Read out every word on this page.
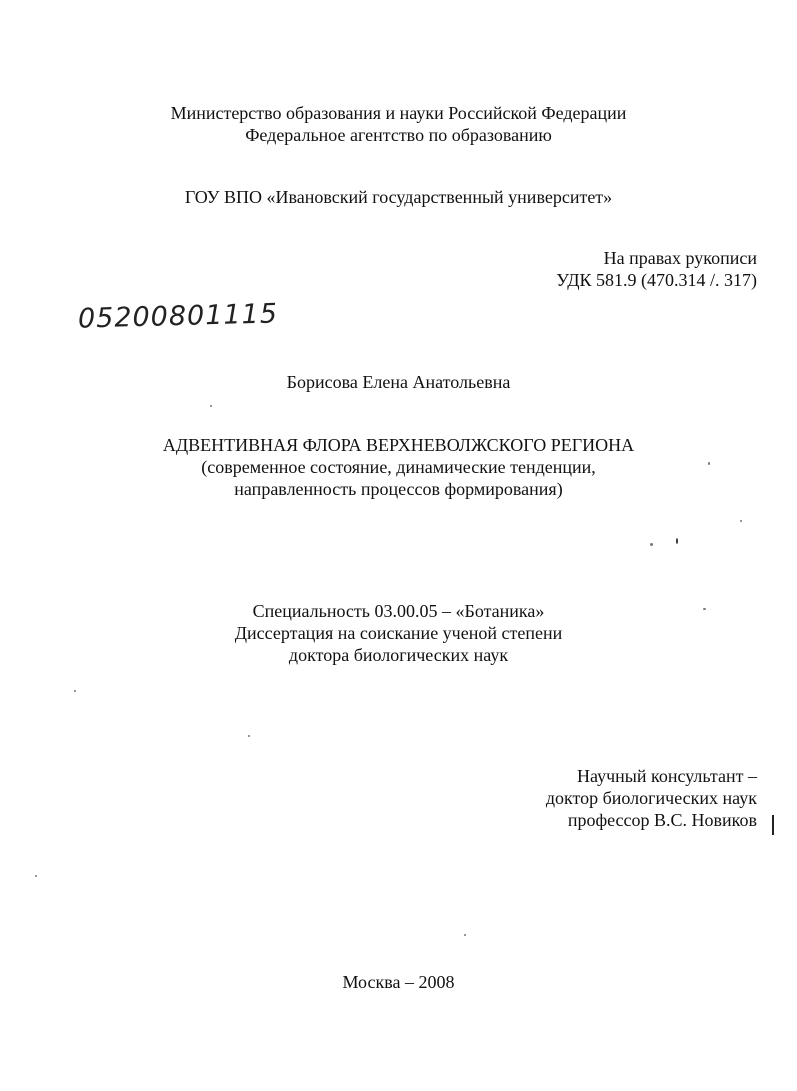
Министерство образования и науки Российской Федерации
Федеральное агентство по образованию
ГОУ ВПО «Ивановский государственный университет»
На правах рукописи
УДК 581.9 (470.314 /. 317)
05200801115
Борисова Елена Анатольевна
АДВЕНТИВНАЯ ФЛОРА ВЕРХНЕВОЛЖСКОГО РЕГИОНА
(современное состояние, динамические тенденции,
направленность процессов формирования)
Специальность 03.00.05 – «Ботаника»
Диссертация на соискание ученой степени
доктора биологических наук
Научный консультант –
доктор биологических наук
профессор В.С. Новиков
Москва – 2008
